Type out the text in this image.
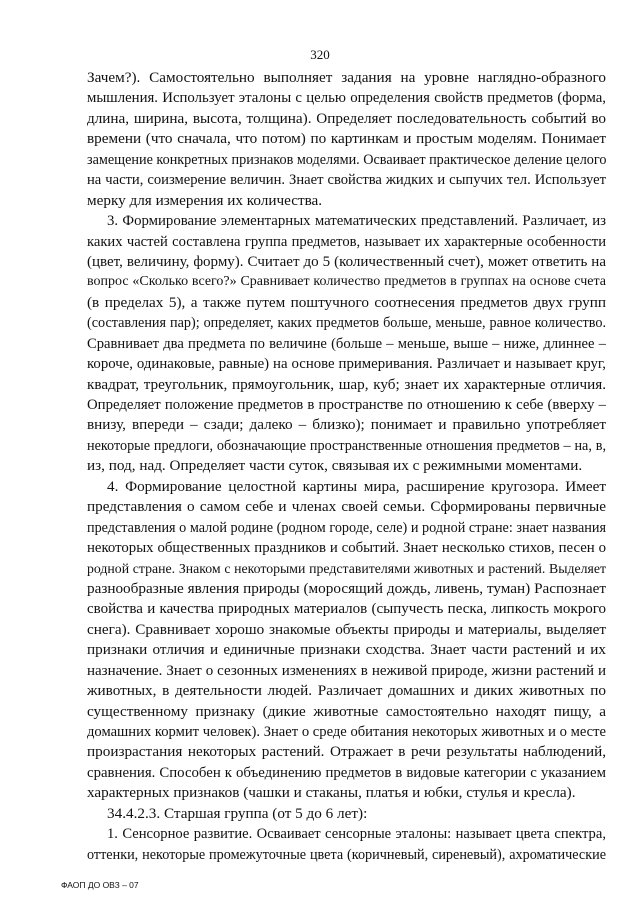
320
Зачем?). Самостоятельно выполняет задания на уровне наглядно-образного
мышления. Использует эталоны с целью определения свойств предметов (форма,
длина, ширина, высота, толщина). Определяет последовательность событий во
времени (что сначала, что потом) по картинкам и простым моделям. Понимает
замещение конкретных признаков моделями. Осваивает практическое деление целого
на части, соизмерение величин. Знает свойства жидких и сыпучих тел. Использует
мерку для измерения их количества.
3. Формирование элементарных математических представлений. Различает, из
каких частей составлена группа предметов, называет их характерные особенности
(цвет, величину, форму). Считает до 5 (количественный счет), может ответить на
вопрос «Сколько всего?» Сравнивает количество предметов в группах на основе счета
(в пределах 5), а также путем поштучного соотнесения предметов двух групп
(составления пар); определяет, каких предметов больше, меньше, равное количество.
Сравнивает два предмета по величине (больше – меньше, выше – ниже, длиннее –
короче, одинаковые, равные) на основе примеривания. Различает и называет круг,
квадрат, треугольник, прямоугольник, шар, куб; знает их характерные отличия.
Определяет положение предметов в пространстве по отношению к себе (вверху –
внизу, впереди – сзади; далеко – близко); понимает и правильно употребляет
некоторые предлоги, обозначающие пространственные отношения предметов – на, в,
из, под, над. Определяет части суток, связывая их с режимными моментами.
4. Формирование целостной картины мира, расширение кругозора. Имеет
представления о самом себе и членах своей семьи. Сформированы первичные
представления о малой родине (родном городе, селе) и родной стране: знает названия
некоторых общественных праздников и событий. Знает несколько стихов, песен о
родной стране. Знаком с некоторыми представителями животных и растений. Выделяет
разнообразные явления природы (моросящий дождь, ливень, туман) Распознает
свойства и качества природных материалов (сыпучесть песка, липкость мокрого
снега). Сравнивает хорошо знакомые объекты природы и материалы, выделяет
признаки отличия и единичные признаки сходства. Знает части растений и их
назначение. Знает о сезонных изменениях в неживой природе, жизни растений и
животных, в деятельности людей. Различает домашних и диких животных по
существенному признаку (дикие животные самостоятельно находят пищу, а
домашних кормит человек). Знает о среде обитания некоторых животных и о месте
произрастания некоторых растений. Отражает в речи результаты наблюдений,
сравнения. Способен к объединению предметов в видовые категории с указанием
характерных признаков (чашки и стаканы, платья и юбки, стулья и кресла).
34.4.2.3. Старшая группа (от 5 до 6 лет):
1. Сенсорное развитие. Осваивает сенсорные эталоны: называет цвета спектра,
оттенки, некоторые промежуточные цвета (коричневый, сиреневый), ахроматические
ФАОП ДО ОВЗ – 07
